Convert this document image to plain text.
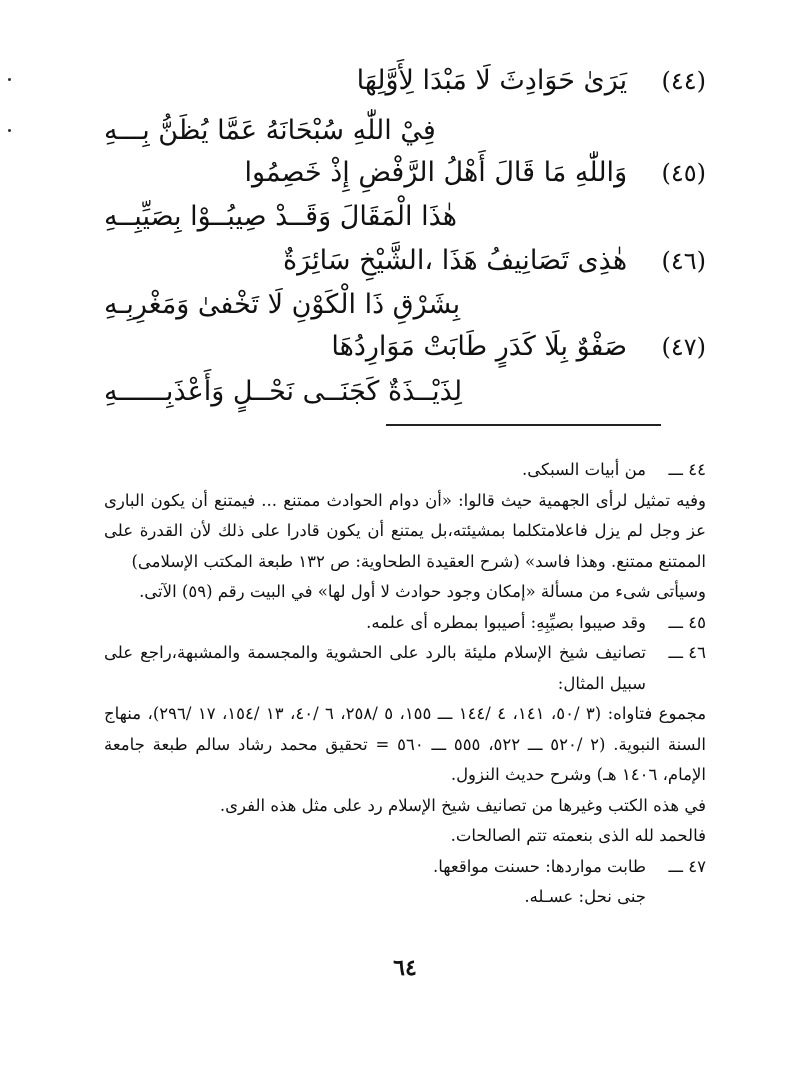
(٤٤)    يَرَىٰ حَوَادِثَ لَا مَبْدَا لِأَوَّلِهَا
فِيْ اللّٰهِ سُبْحَانَهُ عَمَّا يُظَنُّ بِـــهِ
(٤٥)    وَاللّٰهِ مَا قَالَ أَهْلُ الرَّفْضِ إِذْ خَصِمُوا
هٰذَا الْمَقَالَ وَقَــدْ صِيبُــوْا بِصَيِّبِــهِ
(٤٦)    هٰذِى تَصَانِيفُ هَذَا ،الشَّيْخِ سَائِرَةٌ
بِشَرْقِ ذَا الْكَوْنِ لَا تَخْفىٰ وَمَغْرِبِـهِ
(٤٧)    صَفْوٌ بِلَا كَدَرٍ طَابَتْ مَوَارِدُهَا
لِذَيْــذَةٌ كَجَنَــى نَحْــلٍ وَأَعْذَبِــــــهِ
٤٤ ـــ

من أبيات السبكى.

وفيه تمثيل لرأى الجهمية حيث قالوا: «أن دوام الحوادث ممتنع ... فيمتنع أن يكون البارى عز وجل لم يزل فاعلامتكلما بمشيئته،بل يمتنع أن يكون قادرا على ذلك لأن القدرة على الممتنع ممتنع. وهذا فاسد» (شرح العقيدة الطحاوية: ص ١٣٢ طبعة المكتب الإسلامى)

وسيأتى شىء من مسألة «إمكان وجود حوادث لا أول لها» في البيت رقم (٥٩) الآتى.

٤٥ ـــ

وقد صيبوا بصيِّبِهِ: أصيبوا بمطره أى علمه.

٤٦ ـــ

تصانيف شيخ الإسلام مليئة بالرد على الحشوية والمجسمة والمشبهة،راجع على سبيل المثال:

مجموع فتاواه: (٣ /٥٠، ١٤١، ٤ /١٤٤ ـــ ١٥٥، ٥ /٢٥٨، ٦ /٤٠، ١٣ /١٥٤، ١٧ /٢٩٦)، منهاج السنة النبوية. (٢ /٥٢٠ ـــ ٥٢٢، ٥٥٥ ـــ ٥٦٠ = تحقيق محمد رشاد سالم طبعة جامعة الإمام، ١٤٠٦ هـ) وشرح حديث النزول.

في هذه الكتب وغيرها من تصانيف شيخ الإسلام رد على مثل هذه الفرى.

فالحمد لله الذى بنعمته تتم الصالحات.

٤٧ ـــ

طابت مواردها: حسنت مواقعها.

جنى نحل: عسـله.

٦٤
